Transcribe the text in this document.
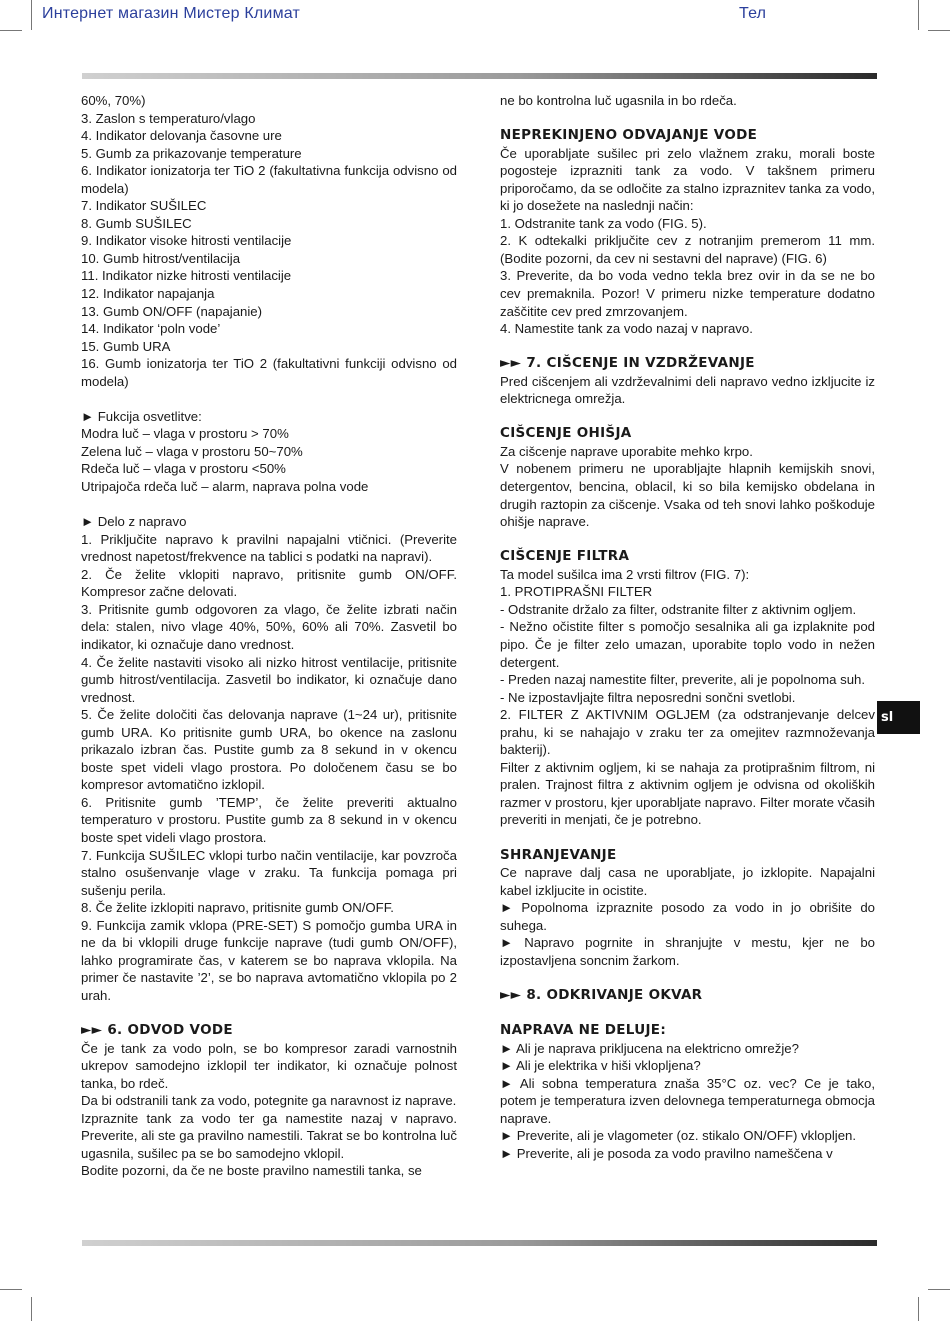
Интернет магазин Мистер Климат	Тел

60%, 70%)

3. Zaslon s temperaturo/vlago

4. Indikator delovanja časovne ure

5. Gumb za prikazovanje temperature

6. Indikator ionizatorja ter TiO 2 (fakultativna funkcija odvisno od modela)

7. Indikator SUŠILEC

8. Gumb SUŠILEC

9. Indikator visoke hitrosti ventilacije

10. Gumb hitrost/ventilacija

11. Indikator nizke hitrosti ventilacije

12. Indikator napajanja

13. Gumb ON/OFF (napajanie)

14. Indikator ‘poln vode’

15. Gumb URA

16. Gumb ionizatorja ter TiO 2 (fakultativni funkciji odvisno od modela)

► Fukcija osvetlitve:

Modra luč – vlaga v prostoru > 70%

Zelena luč – vlaga v prostoru 50~70%

Rdeča luč – vlaga v prostoru <50%

Utripajoča rdeča luč – alarm, naprava polna vode

► Delo z napravo

1. Priključite napravo k pravilni napajalni vtičnici. (Preverite vrednost napetost/frekvence na tablici s podatki na napravi).

2. Če želite vklopiti napravo, pritisnite gumb ON/OFF. Kompresor začne delovati.

3. Pritisnite gumb odgovoren za vlago, če želite izbrati način dela: stalen, nivo vlage 40%, 50%, 60% ali 70%. Zasvetil bo indikator, ki označuje dano vrednost.

4. Če želite nastaviti visoko ali nizko hitrost ventilacije, pritisnite gumb hitrost/ventilacija. Zasvetil bo indikator, ki označuje dano vrednost.

5. Če želite določiti čas delovanja naprave (1~24 ur), pritisnite gumb URA. Ko pritisnite gumb URA, bo okence na zaslonu prikazalo izbran čas. Pustite gumb za 8 sekund in v okencu boste spet videli vlago prostora. Po določenem času se bo kompresor avtomatično izklopil.

6. Pritisnite gumb ’TEMP’, če želite preveriti aktualno temperaturo v prostoru. Pustite gumb za 8 sekund in v okencu boste spet videli vlago prostora.

7. Funkcija SUŠILEC vklopi turbo način ventilacije, kar povzroča stalno osušenvanje vlage v zraku. Ta funkcija pomaga pri sušenju perila.

8. Če želite izklopiti napravo, pritisnite gumb ON/OFF.

9. Funkcija zamik vklopa (PRE-SET) S pomočjo gumba URA in ne da bi vklopili druge funkcije naprave (tudi gumb ON/OFF), lahko programirate čas, v katerem se bo naprava vklopila. Na primer če nastavite ’2’, se bo naprava avtomatično vklopila po 2 urah.

►► 6. ODVOD VODE

Če je tank za vodo poln, se bo kompresor zaradi varnostnih ukrepov samodejno izklopil ter indikator, ki označuje polnost tanka, bo rdeč.

Da bi odstranili tank za vodo, potegnite ga naravnost iz naprave.

Izpraznite tank za vodo ter ga namestite nazaj v napravo. Preverite, ali ste ga pravilno namestili. Takrat se bo kontrolna luč ugasnila, sušilec pa se bo samodejno vklopil.

Bodite pozorni, da če ne boste pravilno namestili tanka, se

ne bo kontrolna luč ugasnila in bo rdeča.

NEPREKINJENO ODVAJANJE VODE

Če uporabljate sušilec pri zelo vlažnem zraku, morali boste pogosteje izprazniti tank za vodo. V takšnem primeru priporočamo, da se odločite za stalno izpraznitev tanka za vodo, ki jo dosežete na naslednji način:

1. Odstranite tank za vodo (FIG. 5).

2. K odtekalki priključite cev z notranjim premerom 11 mm. (Bodite pozorni, da cev ni sestavni del naprave) (FIG. 6)

3. Preverite, da bo voda vedno tekla brez ovir in da se ne bo cev premaknila. Pozor! V primeru nizke temperature dodatno zaščitite cev pred zmrzovanjem.

4. Namestite tank za vodo nazaj v napravo.

►► 7. CIŠCENJE IN VZDRŽEVANJE

Pred cišcenjem ali vzdrževalnimi deli napravo vedno izkljucite iz elektricnega omrežja.

CIŠCENJE OHIŠJA

Za cišcenje naprave uporabite mehko krpo.

V nobenem primeru ne uporabljajte hlapnih kemijskih snovi, detergentov, bencina, oblacil, ki so bila kemijsko obdelana in drugih raztopin za cišcenje. Vsaka od teh snovi lahko poškoduje ohišje naprave.

CIŠCENJE FILTRA

Ta model sušilca ima 2 vrsti filtrov (FIG. 7):

1. PROTIPRAŠNI FILTER

- Odstranite držalo za filter, odstranite filter z aktivnim ogljem.

- Nežno očistite filter s pomočjo sesalnika ali ga izplaknite pod pipo. Če je filter zelo umazan, uporabite toplo vodo in nežen detergent.

- Preden nazaj namestite filter, preverite, ali je popolnoma suh.

- Ne izpostavljajte filtra neposredni sončni svetlobi.

2. FILTER Z AKTIVNIM OGLJEM (za odstranjevanje delcev prahu, ki se nahajajo v zraku ter za omejitev razmnoževanja bakterij).

Filter z aktivnim ogljem, ki se nahaja za protiprašnim filtrom, ni pralen. Trajnost filtra z aktivnim ogljem je odvisna od okoliških razmer v prostoru, kjer uporabljate napravo. Filter morate včasih preveriti in menjati, če je potrebno.

SHRANJEVANJE

Ce naprave dalj casa ne uporabljate, jo izklopite. Napajalni kabel izkljucite in ocistite.

► Popolnoma izpraznite posodo za vodo in jo obrišite do suhega.

► Napravo pogrnite in shranjujte v mestu, kjer ne bo izpostavljena soncnim žarkom.

►► 8. ODKRIVANJE OKVAR
NAPRAVA NE DELUJE:

► Ali je naprava prikljucena na elektricno omrežje?

► Ali je elektrika v hiši vklopljena?

► Ali sobna temperatura znaša 35°C oz. vec? Ce je tako, potem je temperatura izven delovnega temperaturnega obmocja naprave.

► Preverite, ali je vlagometer (oz. stikalo ON/OFF) vklopljen.

► Preverite, ali je posoda za vodo pravilno nameščena v

sl
